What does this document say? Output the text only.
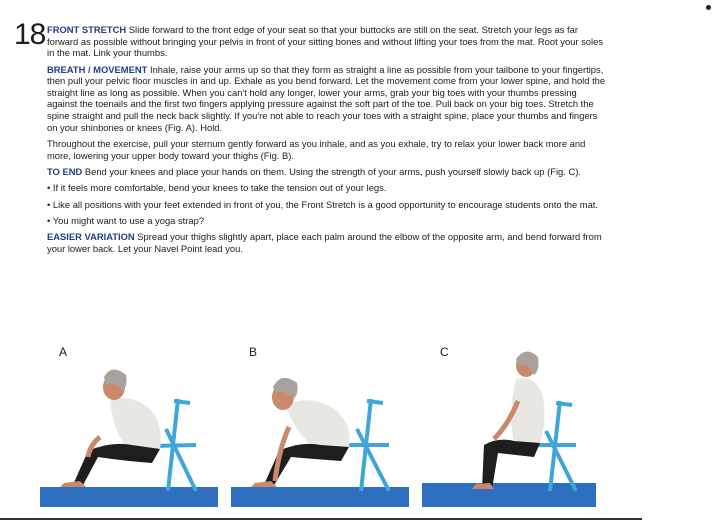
18 FRONT STRETCH Slide forward to the front edge of your seat so that your buttocks are still on the seat. Stretch your legs as far forward as possible without bringing your pelvis in front of your sitting bones and without lifting your toes from the mat. Root your soles in the mat. Link your thumbs.

BREATH / MOVEMENT Inhale, raise your arms up so that they form as straight a line as possible from your tailbone to your fingertips, then pull your pelvic floor muscles in and up. Exhale as you bend forward. Let the movement come from your lower spine, and hold the straight line as long as possible. When you can't hold any longer, lower your arms, grab your big toes with your thumbs pressing against the toenails and the first two fingers applying pressure against the soft part of the toe. Pull back on your big toes. Stretch the spine straight and pull the neck back slightly. If you're not able to reach your toes with a straight spine, place your thumbs and fingers on your shinbones or knees (Fig. A). Hold.

Throughout the exercise, pull your sternum gently forward as you inhale, and as you exhale, try to relax your lower back more and more, lowering your upper body toward your thighs (Fig. B).

TO END Bend your knees and place your hands on them. Using the strength of your arms, push yourself slowly back up (Fig. C).

• If it feels more comfortable, bend your knees to take the tension out of your legs.

• Like all positions with your feet extended in front of you, the Front Stretch is a good opportunity to encourage students onto the mat.

• You might want to use a yoga strap?

EASIER VARIATION Spread your thighs slightly apart, place each palm around the elbow of the opposite arm, and bend forward from your lower back. Let your Navel Point lead you.

A	B	C
